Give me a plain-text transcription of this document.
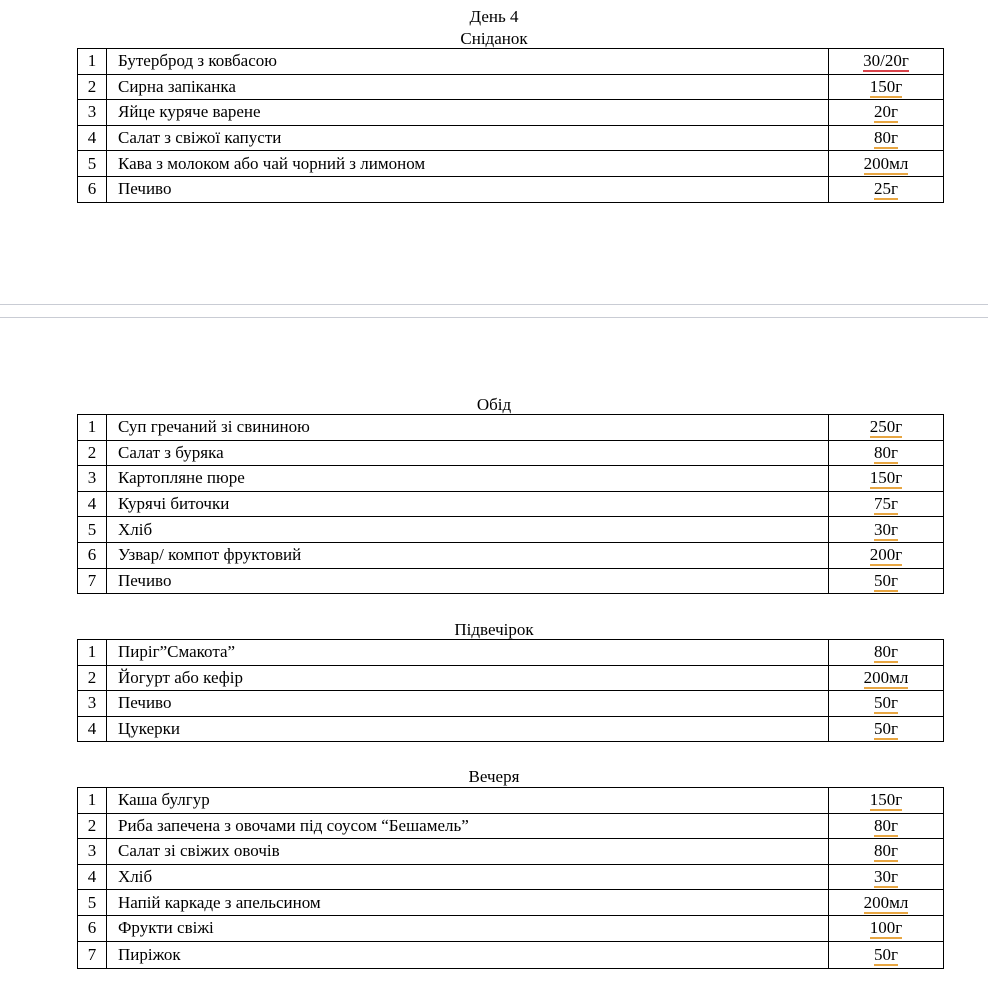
День 4
Сніданок
1	Бутерброд з ковбасою	30/20г
2	Сирна запіканка	150г
3	Яйце куряче варене	20г
4	Салат з свіжої капусти	80г
5	Кава з молоком або чай чорний з лимоном	200мл
6	Печиво	25г
Обід
1	Суп гречаний зі свининою	250г
2	Салат з буряка	80г
3	Картопляне пюре	150г
4	Курячі биточки	75г
5	Хліб	30г
6	Узвар/ компот фруктовий	200г
7	Печиво	50г
Підвечірок
1	Пиріг”Смакота”	80г
2	Йогурт або кефір	200мл
3	Печиво	50г
4	Цукерки	50г
Вечеря
1	Каша булгур	150г
2	Риба запечена з овочами під соусом “Бешамель”	80г
3	Салат зі свіжих овочів	80г
4	Хліб	30г
5	Напій каркаде з апельсином	200мл
6	Фрукти свіжі	100г
7	Пиріжок	50г
